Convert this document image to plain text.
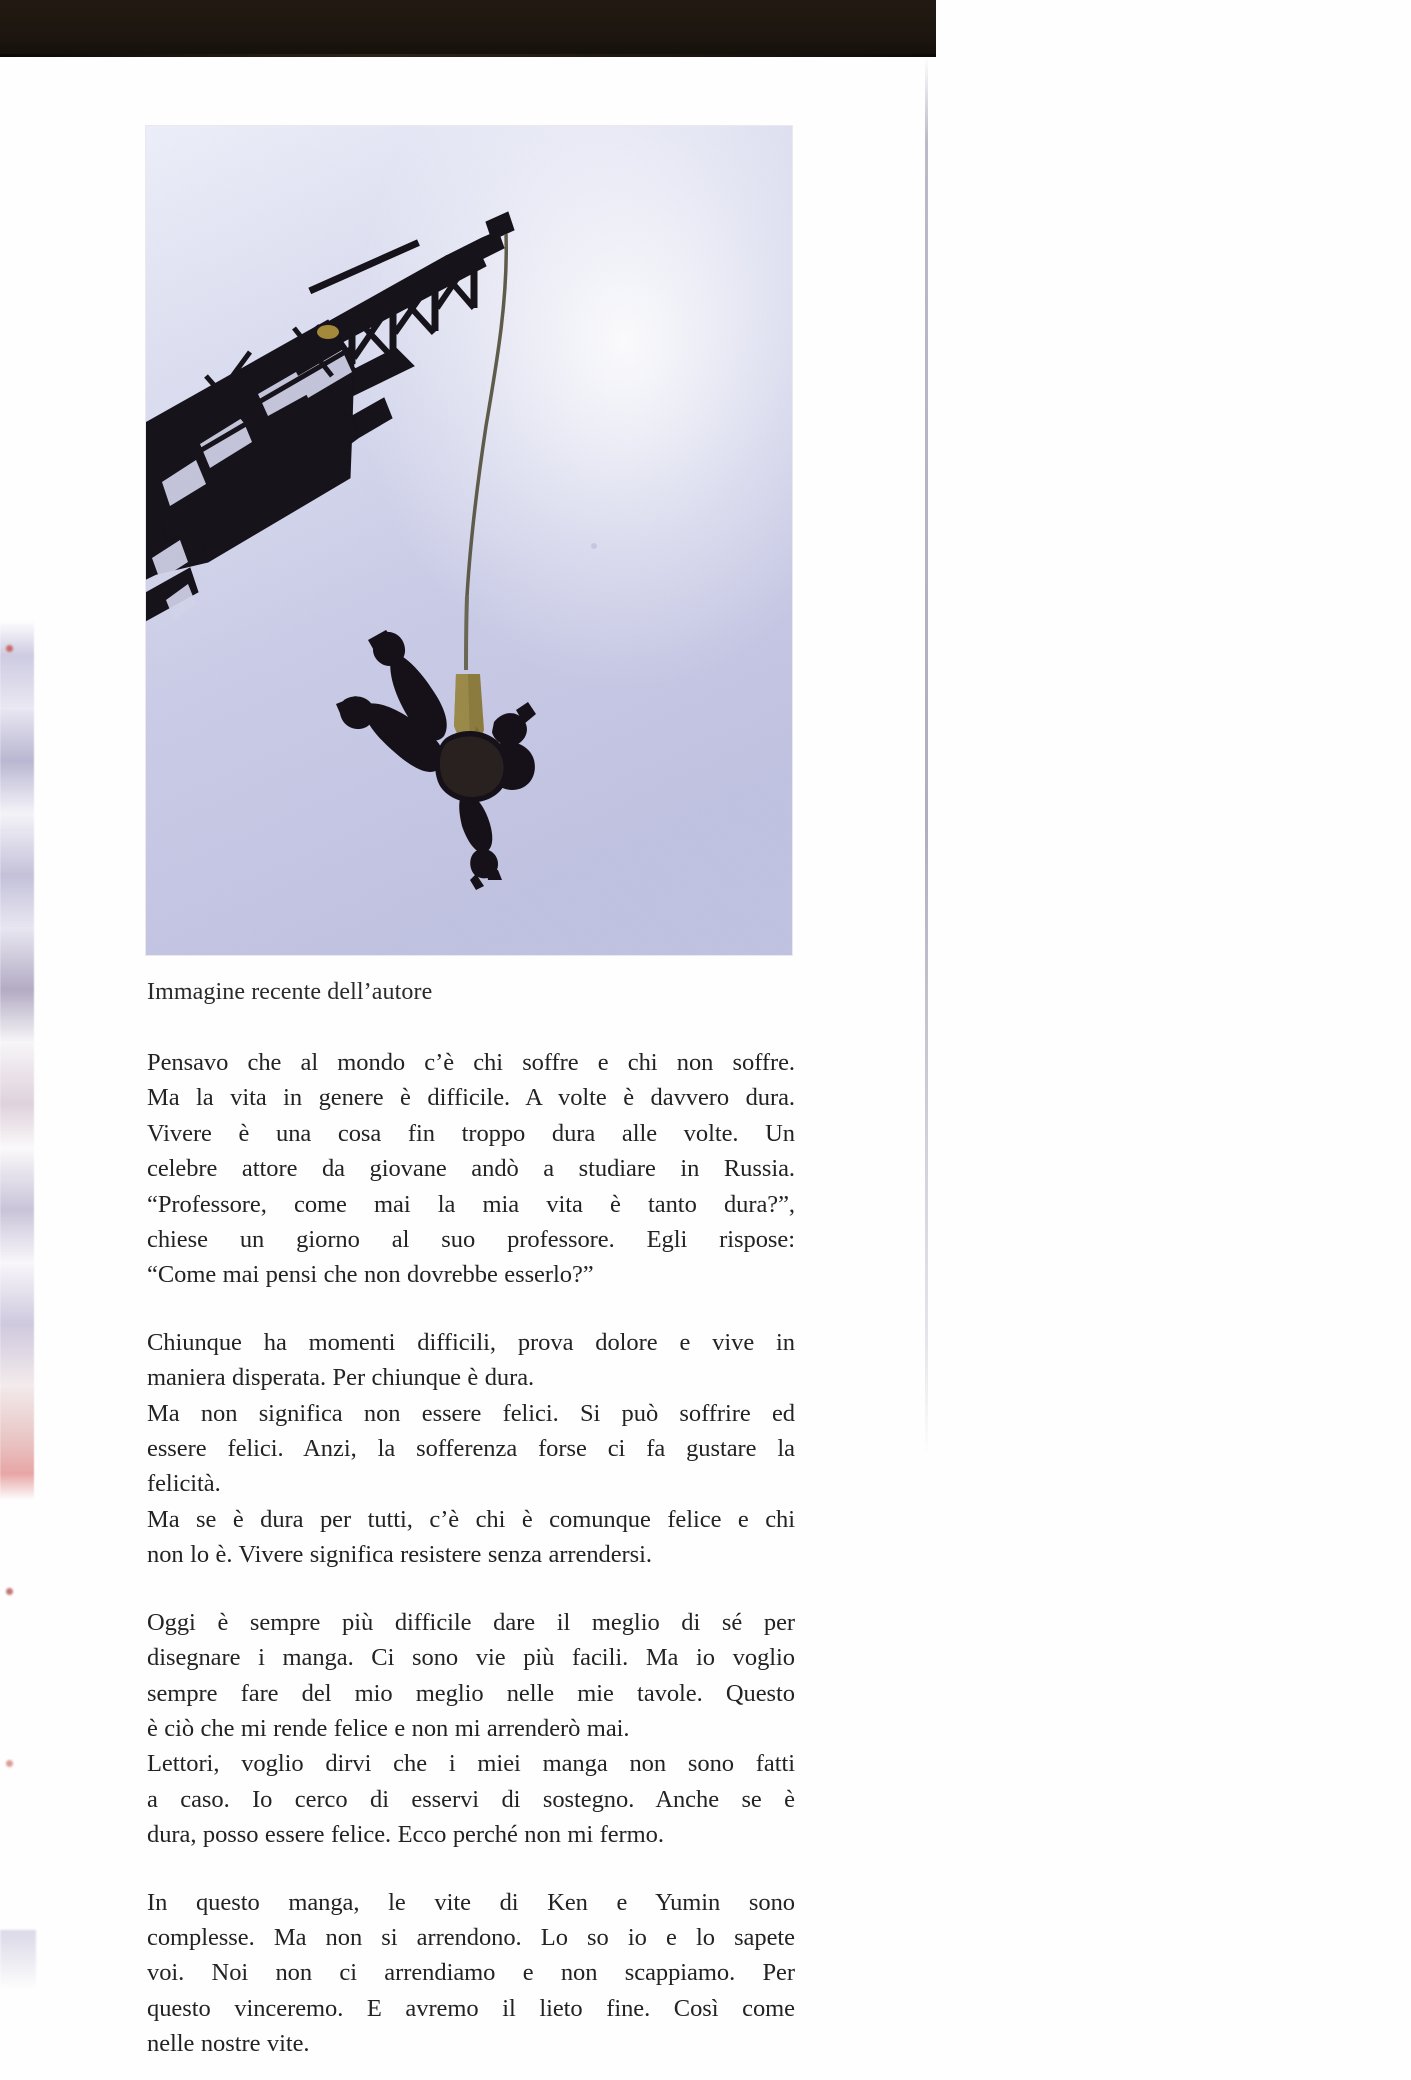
Immagine recente dell’autore

Pensavo che al mondo c’è chi soffre e chi non soffre.
Ma la vita in genere è difficile. A volte è davvero dura.
Vivere è una cosa fin troppo dura alle volte. Un
celebre attore da giovane andò a studiare in Russia.
“Professore, come mai la mia vita è tanto dura?”,
chiese un giorno al suo professore. Egli rispose:
“Come mai pensi che non dovrebbe esserlo?”
Chiunque ha momenti difficili, prova dolore e vive in
maniera disperata. Per chiunque è dura.
Ma non significa non essere felici. Si può soffrire ed
essere felici. Anzi, la sofferenza forse ci fa gustare la
felicità.
Ma se è dura per tutti, c’è chi è comunque felice e chi
non lo è. Vivere significa resistere senza arrendersi.
Oggi è sempre più difficile dare il meglio di sé per
disegnare i manga. Ci sono vie più facili. Ma io voglio
sempre fare del mio meglio nelle mie tavole. Questo
è ciò che mi rende felice e non mi arrenderò mai.
Lettori, voglio dirvi che i miei manga non sono fatti
a caso. Io cerco di esservi di sostegno. Anche se è
dura, posso essere felice. Ecco perché non mi fermo.
In questo manga, le vite di Ken e Yumin sono
complesse. Ma non si arrendono. Lo so io e lo sapete
voi. Noi non ci arrendiamo e non scappiamo. Per
questo vinceremo. E avremo il lieto fine. Così come
nelle nostre vite.
